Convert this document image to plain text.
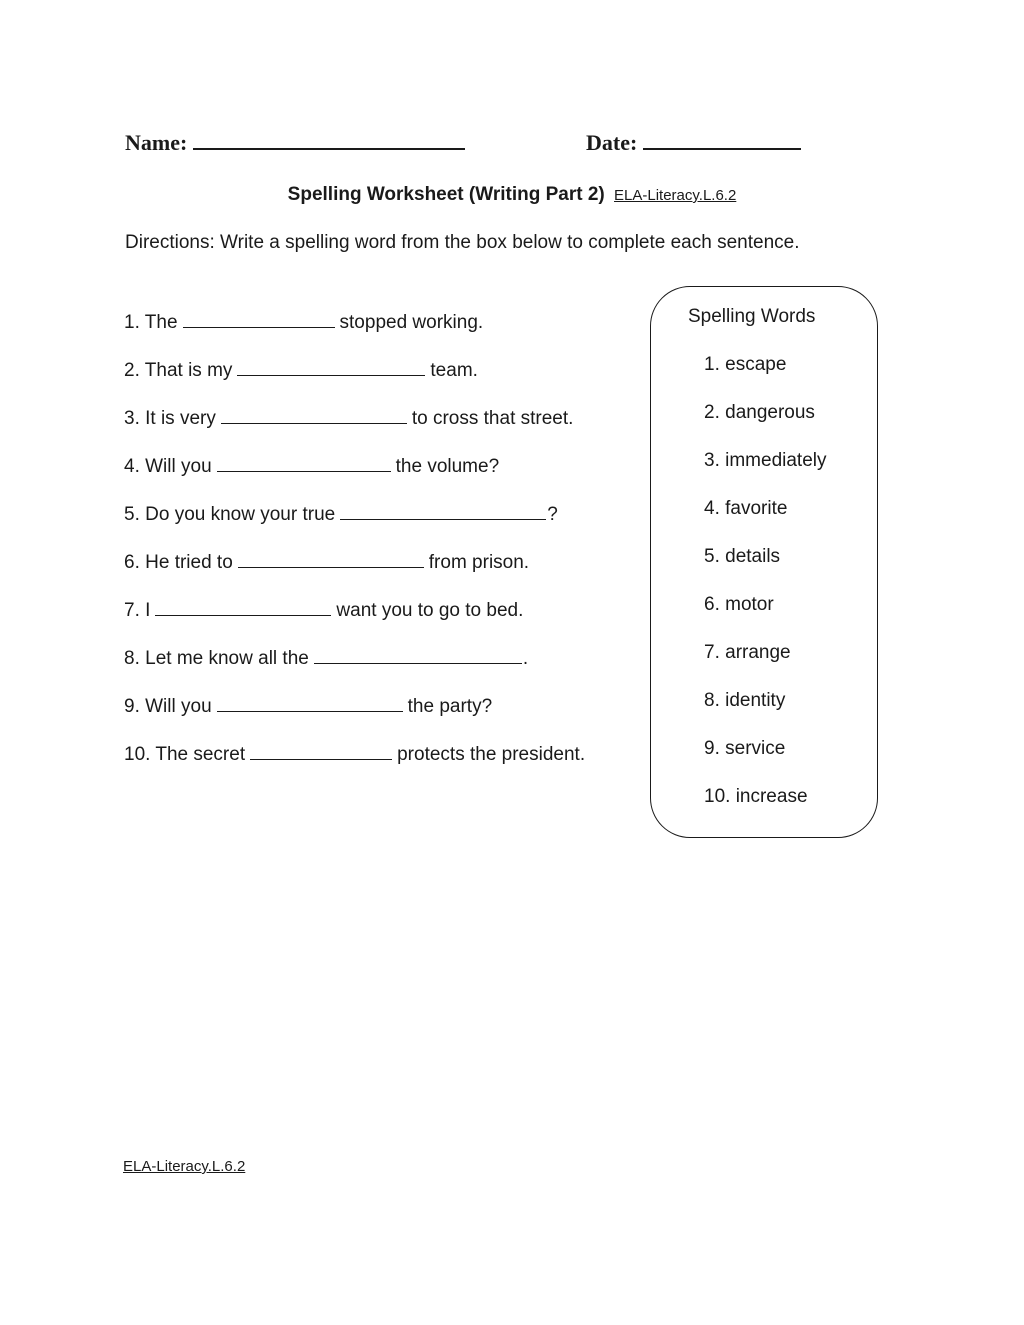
Name:	Date:
Spelling Worksheet (Writing Part 2) ELA-Literacy.L.6.2
Directions: Write a spelling word from the box below to complete each sentence.
1. The	stopped working.
2. That is my	team.
3. It is very	to cross that street.
4. Will you	the volume?
5. Do you know your true	?
6. He tried to	from prison.
7. I	want you to go to bed.
8. Let me know all the	.
9. Will you	the party?
10. The secret	protects the president.
Spelling Words
1. escape
2. dangerous
3. immediately
4. favorite
5. details
6. motor
7. arrange
8. identity
9. service
10. increase
ELA-Literacy.L.6.2
